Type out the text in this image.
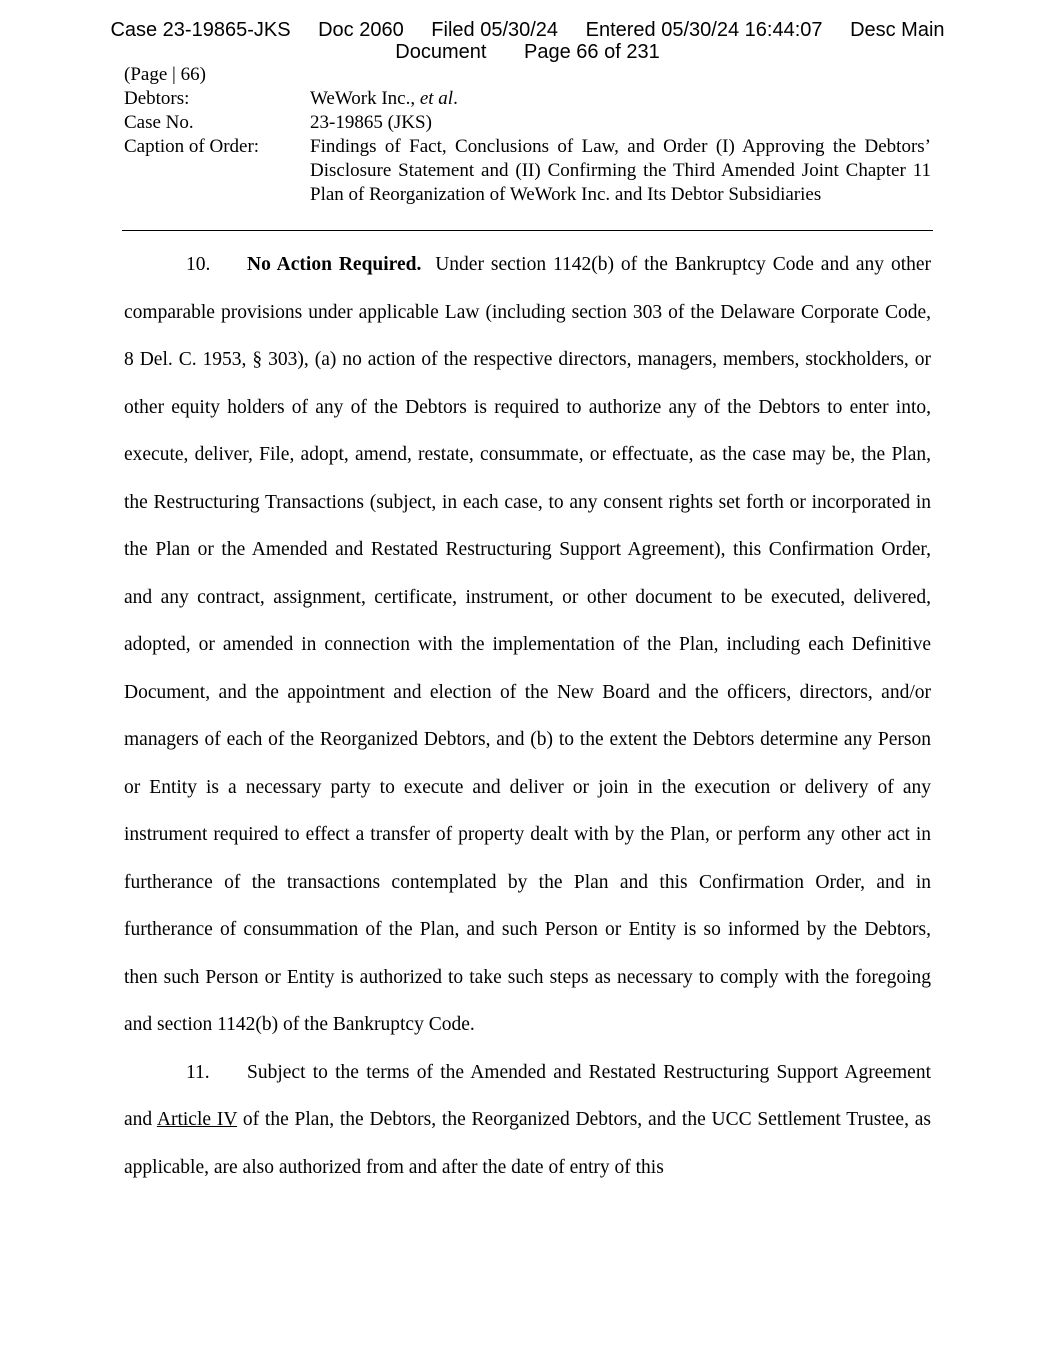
Case 23-19865-JKS Doc 2060 Filed 05/30/24 Entered 05/30/24 16:44:07 Desc Main
Document Page 66 of 231
(Page | 66)
Debtors:	WeWork Inc., et al.
Case No.	23-19865 (JKS)
Caption of Order:	Findings of Fact, Conclusions of Law, and Order (I) Approving the Debtors’ Disclosure Statement and (II) Confirming the Third Amended Joint Chapter 11 Plan of Reorganization of WeWork Inc. and Its Debtor Subsidiaries

10. No Action Required. Under section 1142(b) of the Bankruptcy Code and any other comparable provisions under applicable Law (including section 303 of the Delaware Corporate Code, 8 Del. C. 1953, § 303), (a) no action of the respective directors, managers, members, stockholders, or other equity holders of any of the Debtors is required to authorize any of the Debtors to enter into, execute, deliver, File, adopt, amend, restate, consummate, or effectuate, as the case may be, the Plan, the Restructuring Transactions (subject, in each case, to any consent rights set forth or incorporated in the Plan or the Amended and Restated Restructuring Support Agreement), this Confirmation Order, and any contract, assignment, certificate, instrument, or other document to be executed, delivered, adopted, or amended in connection with the implementation of the Plan, including each Definitive Document, and the appointment and election of the New Board and the officers, directors, and/or managers of each of the Reorganized Debtors, and (b) to the extent the Debtors determine any Person or Entity is a necessary party to execute and deliver or join in the execution or delivery of any instrument required to effect a transfer of property dealt with by the Plan, or perform any other act in furtherance of the transactions contemplated by the Plan and this Confirmation Order, and in furtherance of consummation of the Plan, and such Person or Entity is so informed by the Debtors, then such Person or Entity is authorized to take such steps as necessary to comply with the foregoing and section 1142(b) of the Bankruptcy Code.

11. Subject to the terms of the Amended and Restated Restructuring Support Agreement and Article IV of the Plan, the Debtors, the Reorganized Debtors, and the UCC Settlement Trustee, as applicable, are also authorized from and after the date of entry of this
